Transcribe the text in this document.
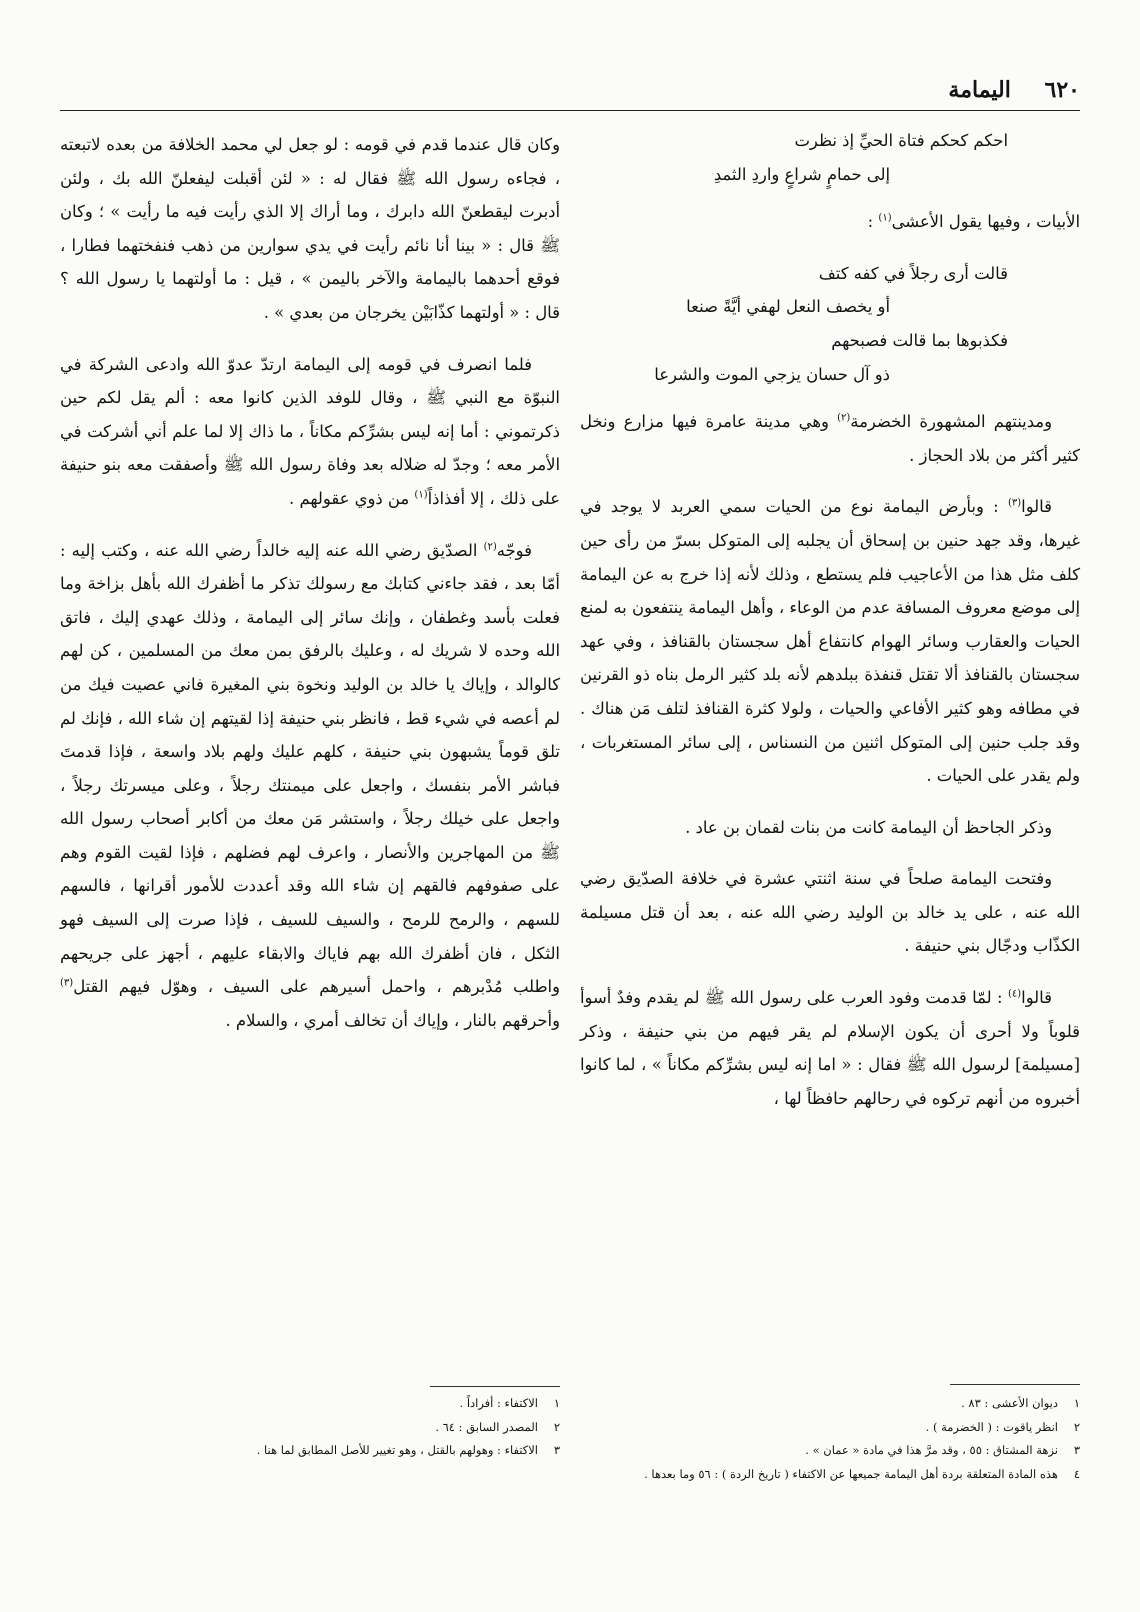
٦٢٠ اليمامة
احكم كحكم فتاة الحيِّ إذ نظرت
إلى حمامٍ شراعٍ واردِ الثمدِ

الأبيات ، وفيها يقول الأعشى$^{(١)}$ :

قالت أرى رجلاً في كفه كتف
أو يخصف النعل لهفي أيَّةً صنعا
فكذبوها بما قالت فصبحهم
ذو آل حسان يزجي الموت والشرعا

ومدينتهم المشهورة الخضرمة$^{(٢)}$ وهي مدينة عامرة فيها مزارع ونخل كثير أكثر من بلاد الحجاز .

قالوا$^{(٣)}$ : وبأرض اليمامة نوع من الحيات سمي العربد لا يوجد في غيرها، وقد جهد حنين بن إسحاق أن يجلبه إلى المتوكل بسرّ من رأى حين كلف مثل هذا من الأعاجيب فلم يستطع ، وذلك لأنه إذا خرج به عن اليمامة إلى موضع معروف المسافة عدم من الوعاء ، وأهل اليمامة ينتفعون به لمنع الحيات والعقارب وسائر الهوام كانتفاع أهل سجستان بالقنافذ ، وفي عهد سجستان بالقنافذ ألا تقتل قنفذة ببلدهم لأنه بلد كثير الرمل بناه ذو القرنين في مطافه وهو كثير الأفاعي والحيات ، ولولا كثرة القنافذ لتلف مَن هناك . وقد جلب حنين إلى المتوكل اثنين من النسناس ، إلى سائر المستغربات ، ولم يقدر على الحيات .

وذكر الجاحظ أن اليمامة كانت من بنات لقمان بن عاد .

وفتحت اليمامة صلحاً في سنة اثنتي عشرة في خلافة الصدّيق رضي الله عنه ، على يد خالد بن الوليد رضي الله عنه ، بعد أن قتل مسيلمة الكذّاب ودجّال بني حنيفة .

قالوا$^{(٤)}$ : لمّا قدمت وفود العرب على رسول الله ﷺ لم يقدم وفدٌ أسوأ قلوباً ولا أحرى أن يكون الإسلام لم يقر فيهم من بني حنيفة ، وذكر [مسيلمة] لرسول الله ﷺ فقال : « اما إنه ليس بشرِّكم مكاناً » ، لما كانوا أخبروه من أنهم تركوه في رحالهم حافظاً لها ،

وكان قال عندما قدم في قومه : لو جعل لي محمد الخلافة من بعده لاتبعته ، فجاءه رسول الله ﷺ فقال له : « لئن أقبلت ليفعلنّ الله بك ، ولئن أدبرت ليقطعنّ الله دابرك ، وما أراك إلا الذي رأيت فيه ما رأيت » ؛ وكان ﷺ قال : « بينا أنا نائم رأيت في يدي سوارين من ذهب فنفختهما فطارا ، فوقع أحدهما باليمامة والآخر باليمن » ، قيل : ما أولتهما يا رسول الله ؟ قال : « أولتهما كذّابَيْن يخرجان من بعدي » .

فلما انصرف في قومه إلى اليمامة ارتدّ عدوّ الله وادعى الشركة في النبوّة مع النبي ﷺ ، وقال للوفد الذين كانوا معه : ألم يقل لكم حين ذكرتموني : أما إنه ليس بشرِّكم مكاناً ، ما ذاك إلا لما علم أني أشركت في الأمر معه ؛ وجدّ له ضلاله بعد وفاة رسول الله ﷺ وأصفقت معه بنو حنيفة على ذلك ، إلا أفذاذاً$^{(١)}$ من ذوي عقولهم .

فوجّه$^{(٢)}$ الصدّيق رضي الله عنه إليه خالداً رضي الله عنه ، وكتب إليه : أمّا بعد ، فقد جاءني كتابك مع رسولك تذكر ما أظفرك الله بأهل بزاخة وما فعلت بأسد وغطفان ، وإنك سائر إلى اليمامة ، وذلك عهدي إليك ، فاتق الله وحده لا شريك له ، وعليك بالرفق بمن معك من المسلمين ، كن لهم كالوالد ، وإياك يا خالد بن الوليد ونخوة بني المغيرة فاني عصيت فيك من لم أعصه في شيء قط ، فانظر بني حنيفة إذا لقيتهم إن شاء الله ، فإنك لم تلق قوماً يشبهون بني حنيفة ، كلهم عليك ولهم بلاد واسعة ، فإذا قدمتَ فباشر الأمر بنفسك ، واجعل على ميمنتك رجلاً ، وعلى ميسرتك رجلاً ، واجعل على خيلك رجلاً ، واستشر مَن معك من أكابر أصحاب رسول الله ﷺ من المهاجرين والأنصار ، واعرف لهم فضلهم ، فإذا لقيت القوم وهم على صفوفهم فالقهم إن شاء الله وقد أعددت للأمور أقرانها ، فالسهم للسهم ، والرمح للرمح ، والسيف للسيف ، فإذا صرت إلى السيف فهو الثكل ، فان أظفرك الله بهم فاياك والابقاء عليهم ، أجهز على جريحهم واطلب مُدْبرهم ، واحمل أسيرهم على السيف ، وهوّل فيهم القتل$^{(٣)}$ وأحرقهم بالنار ، وإياك أن تخالف أمري ، والسلام .

١الاكتفاء : أفراداً .
٢المصدر السابق : ٦٤ .
٣الاكتفاء : وهولهم بالقتل ، وهو تغيير للأصل المطابق لما هنا .
١ديوان الأعشى : ٨٣ .
٢انظر ياقوت : ( الخضرمة ) .
٣نزهة المشتاق : ٥٥ ، وقد مرَّ هذا في مادة « عمان » .
٤هذه المادة المتعلقة بردة أهل اليمامة جميعها عن الاكتفاء ( تاريخ الردة ) : ٥٦ وما بعدها .
